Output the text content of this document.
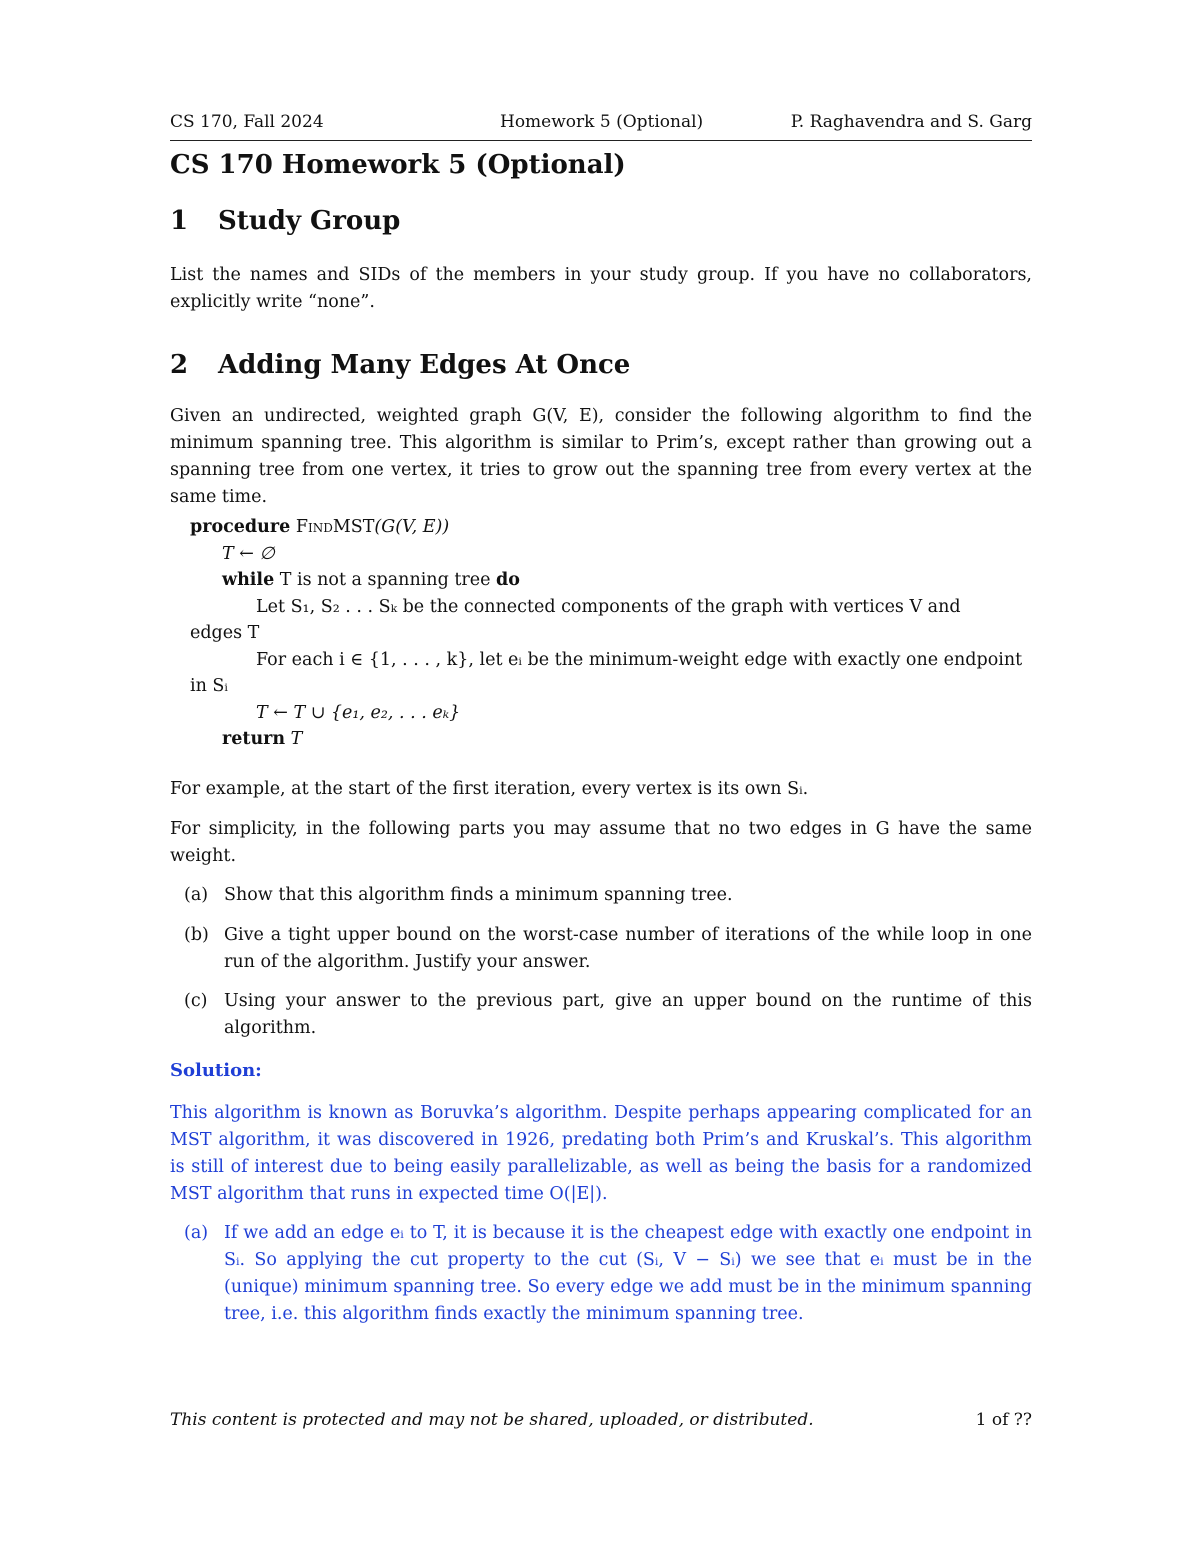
CS 170, Fall 2024	Homework 5 (Optional)	P. Raghavendra and S. Garg
CS 170 Homework 5 (Optional)
1 Study Group

List the names and SIDs of the members in your study group. If you have no collaborators, explicitly write “none”.

2 Adding Many Edges At Once

Given an undirected, weighted graph G(V, E), consider the following algorithm to find the minimum spanning tree. This algorithm is similar to Prim’s, except rather than growing out a spanning tree from one vertex, it tries to grow out the spanning tree from every vertex at the same time.

procedure FindMST(G(V, E))
T ← ∅
while T is not a spanning tree do
Let S₁, S₂ . . . Sₖ be the connected components of the graph with vertices V and
edges T
For each i ∈ {1, . . . , k}, let eᵢ be the minimum-weight edge with exactly one endpoint
in Sᵢ
T ← T ∪ {e₁, e₂, . . . eₖ}
return T

For example, at the start of the first iteration, every vertex is its own Sᵢ.

For simplicity, in the following parts you may assume that no two edges in G have the same weight.

(a) Show that this algorithm finds a minimum spanning tree.
(b) Give a tight upper bound on the worst-case number of iterations of the while loop in one run of the algorithm. Justify your answer.
(c) Using your answer to the previous part, give an upper bound on the runtime of this algorithm.
Solution:

This algorithm is known as Boruvka’s algorithm. Despite perhaps appearing complicated for an MST algorithm, it was discovered in 1926, predating both Prim’s and Kruskal’s. This algorithm is still of interest due to being easily parallelizable, as well as being the basis for a randomized MST algorithm that runs in expected time O(|E|).

(a) If we add an edge eᵢ to T, it is because it is the cheapest edge with exactly one endpoint in Sᵢ. So applying the cut property to the cut (Sᵢ, V − Sᵢ) we see that eᵢ must be in the (unique) minimum spanning tree. So every edge we add must be in the minimum spanning tree, i.e. this algorithm finds exactly the minimum spanning tree.
This content is protected and may not be shared, uploaded, or distributed.	1 of ??
